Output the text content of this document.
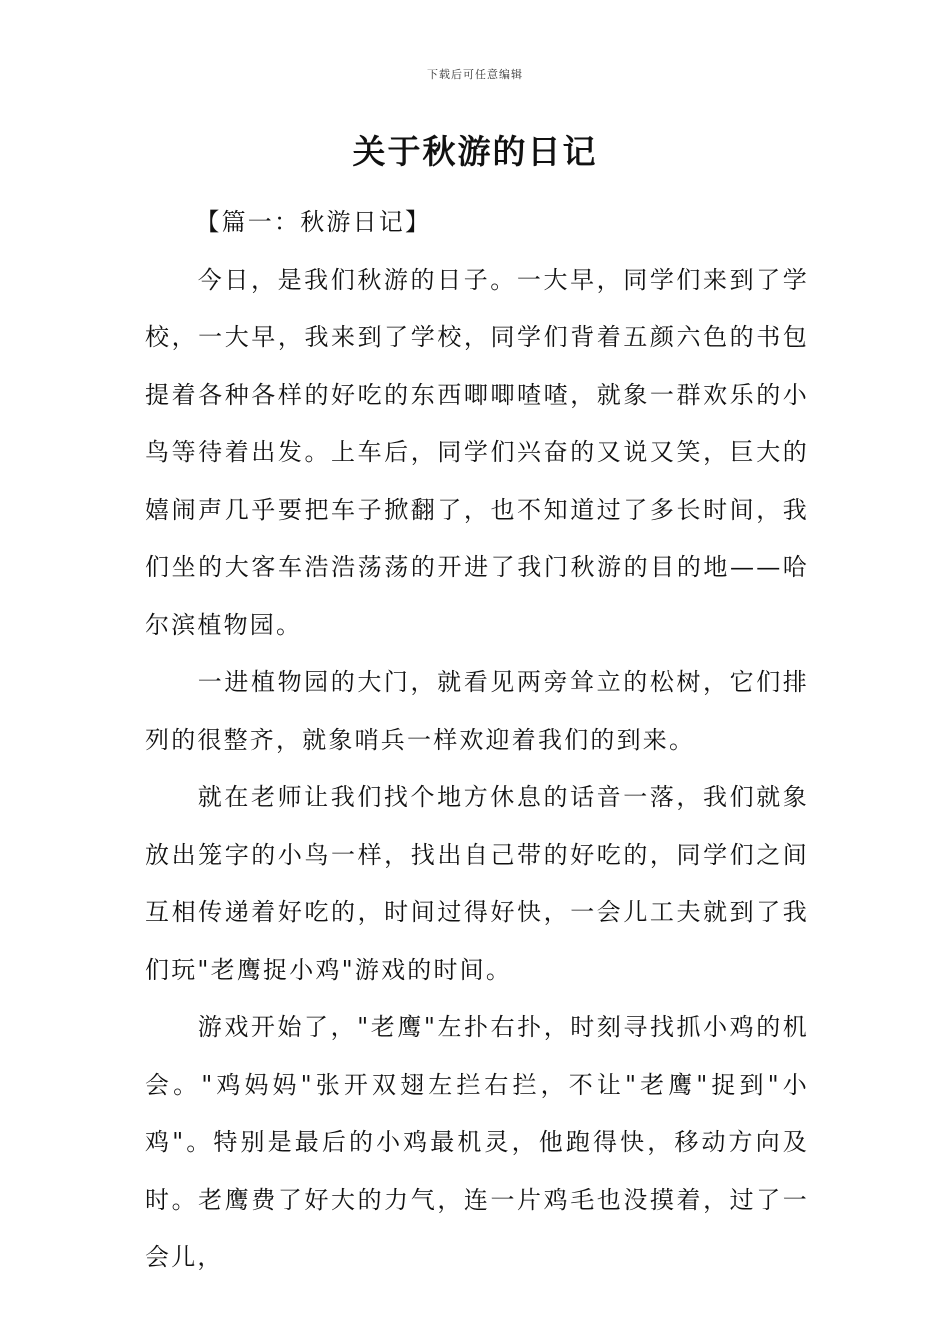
下载后可任意编辑
关于秋游的日记

【篇一：秋游日记】

今日，是我们秋游的日子。一大早，同学们来到了学校，一大早，我来到了学校，同学们背着五颜六色的书包提着各种各样的好吃的东西唧唧喳喳，就象一群欢乐的小鸟等待着出发。上车后，同学们兴奋的又说又笑，巨大的嬉闹声几乎要把车子掀翻了，也不知道过了多长时间，我们坐的大客车浩浩荡荡的开进了我门秋游的目的地——哈尔滨植物园。

一进植物园的大门，就看见两旁耸立的松树，它们排列的很整齐，就象哨兵一样欢迎着我们的到来。

就在老师让我们找个地方休息的话音一落，我们就象放出笼字的小鸟一样，找出自己带的好吃的，同学们之间互相传递着好吃的，时间过得好快，一会儿工夫就到了我们玩"老鹰捉小鸡"游戏的时间。

游戏开始了，"老鹰"左扑右扑，时刻寻找抓小鸡的机会。"鸡妈妈"张开双翅左拦右拦，不让"老鹰"捉到"小鸡"。特别是最后的小鸡最机灵，他跑得快，移动方向及时。老鹰费了好大的力气，连一片鸡毛也没摸着，过了一会儿，
